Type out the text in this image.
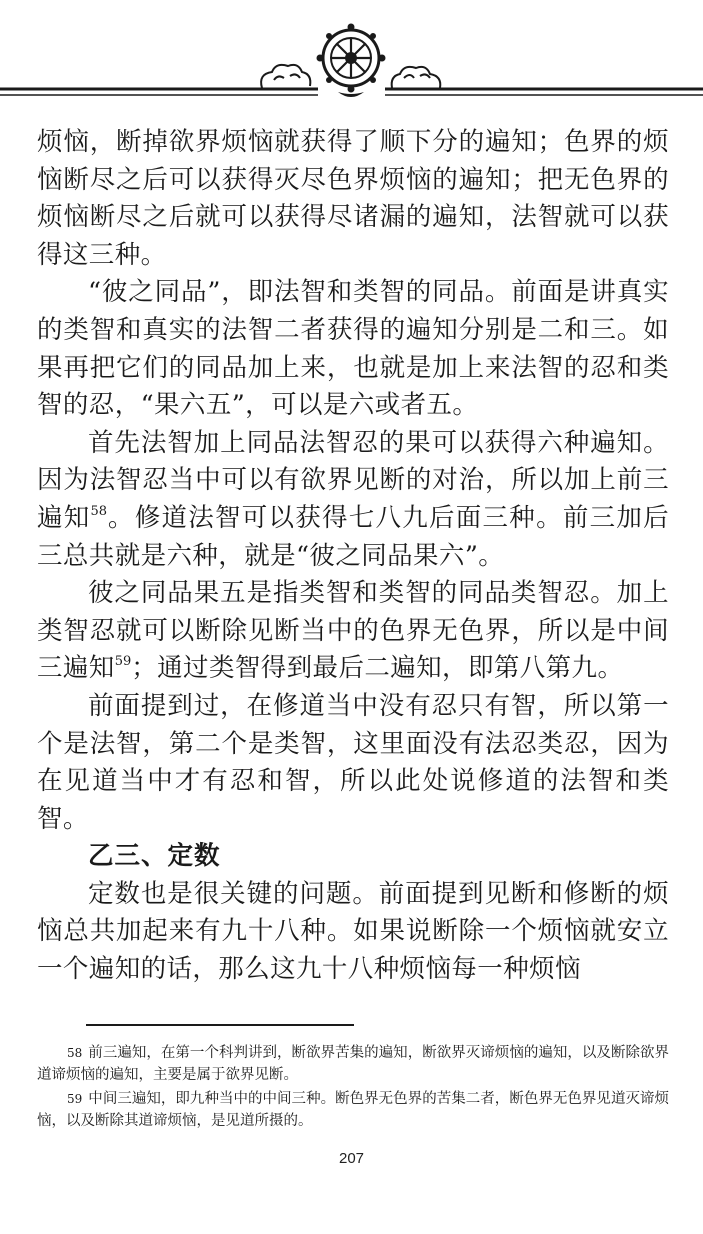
烦恼，断掉欲界烦恼就获得了顺下分的遍知；色界的烦恼断尽之后可以获得灭尽色界烦恼的遍知；把无色界的烦恼断尽之后就可以获得尽诸漏的遍知，法智就可以获得这三种。

“彼之同品”，即法智和类智的同品。前面是讲真实的类智和真实的法智二者获得的遍知分别是二和三。如果再把它们的同品加上来，也就是加上来法智的忍和类智的忍，“果六五”，可以是六或者五。

首先法智加上同品法智忍的果可以获得六种遍知。因为法智忍当中可以有欲界见断的对治，所以加上前三遍知$^{58}$。修道法智可以获得七八九后面三种。前三加后三总共就是六种，就是“彼之同品果六”。

彼之同品果五是指类智和类智的同品类智忍。加上类智忍就可以断除见断当中的色界无色界，所以是中间三遍知$^{59}$；通过类智得到最后二遍知，即第八第九。

前面提到过，在修道当中没有忍只有智，所以第一个是法智，第二个是类智，这里面没有法忍类忍，因为在见道当中才有忍和智，所以此处说修道的法智和类智。

乙三、定数

定数也是很关键的问题。前面提到见断和修断的烦恼总共加起来有九十八种。如果说断除一个烦恼就安立一个遍知的话，那么这九十八种烦恼每一种烦恼

58 前三遍知，在第一个科判讲到，断欲界苦集的遍知，断欲界灭谛烦恼的遍知，以及断除欲界道谛烦恼的遍知，主要是属于欲界见断。

59 中间三遍知，即九种当中的中间三种。断色界无色界的苦集二者，断色界无色界见道灭谛烦恼，以及断除其道谛烦恼，是见道所摄的。

207
